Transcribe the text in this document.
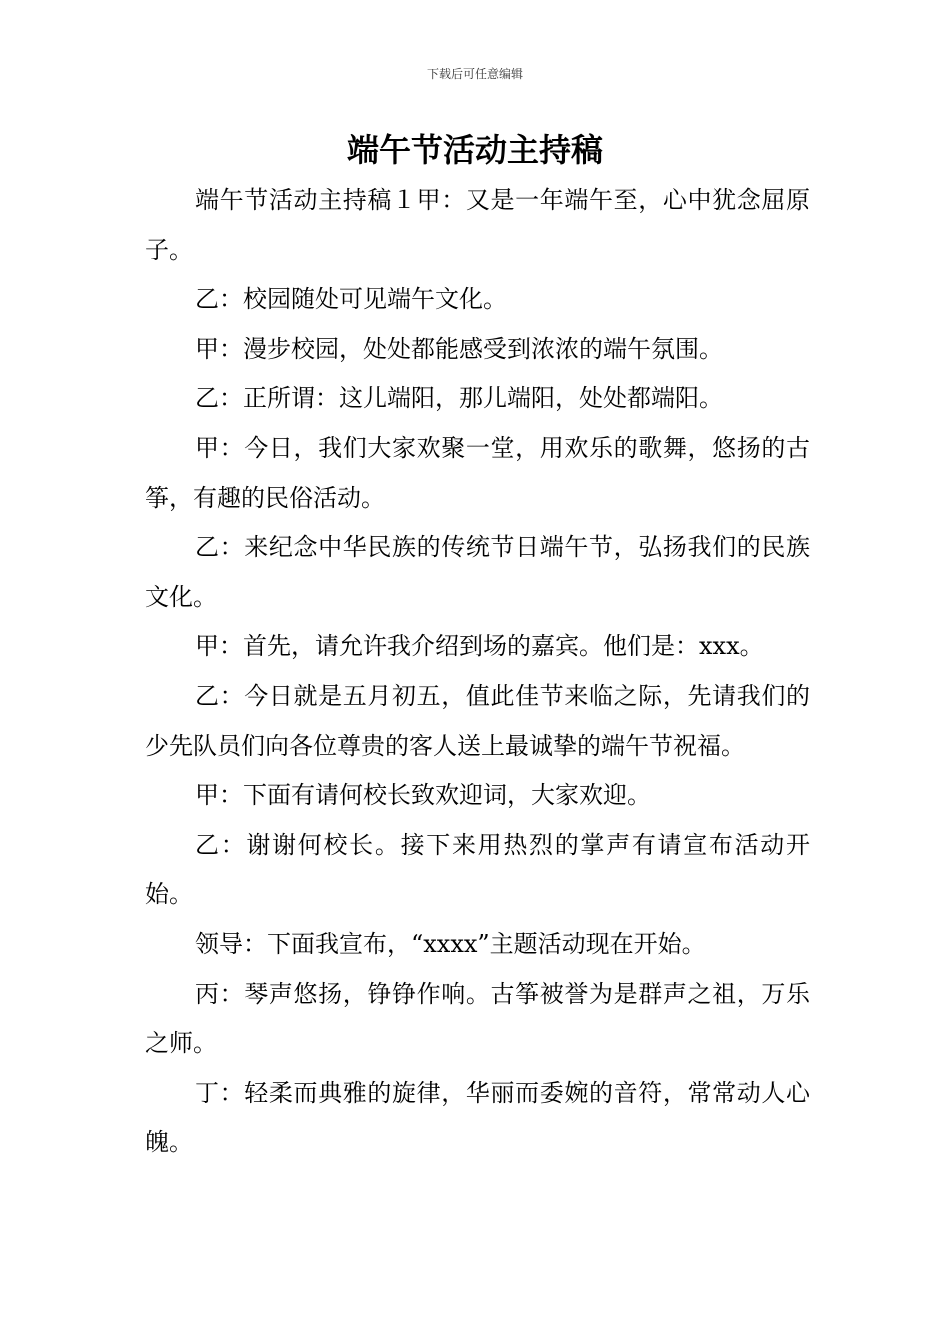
下载后可任意编辑
端午节活动主持稿

端午节活动主持稿１甲：又是一年端午至，心中犹念屈原子。

乙：校园随处可见端午文化。

甲：漫步校园，处处都能感受到浓浓的端午氛围。

乙：正所谓：这儿端阳，那儿端阳，处处都端阳。

甲：今日，我们大家欢聚一堂，用欢乐的歌舞，悠扬的古筝，有趣的民俗活动。

乙：来纪念中华民族的传统节日端午节，弘扬我们的民族文化。

甲：首先，请允许我介绍到场的嘉宾。他们是：xxx。

乙：今日就是五月初五，值此佳节来临之际，先请我们的少先队员们向各位尊贵的客人送上最诚挚的端午节祝福。

甲：下面有请何校长致欢迎词，大家欢迎。

乙：谢谢何校长。接下来用热烈的掌声有请宣布活动开始。

领导：下面我宣布，“xxxx”主题活动现在开始。

丙：琴声悠扬，铮铮作响。古筝被誉为是群声之祖，万乐之师。

丁：轻柔而典雅的旋律，华丽而委婉的音符，常常动人心魄。
